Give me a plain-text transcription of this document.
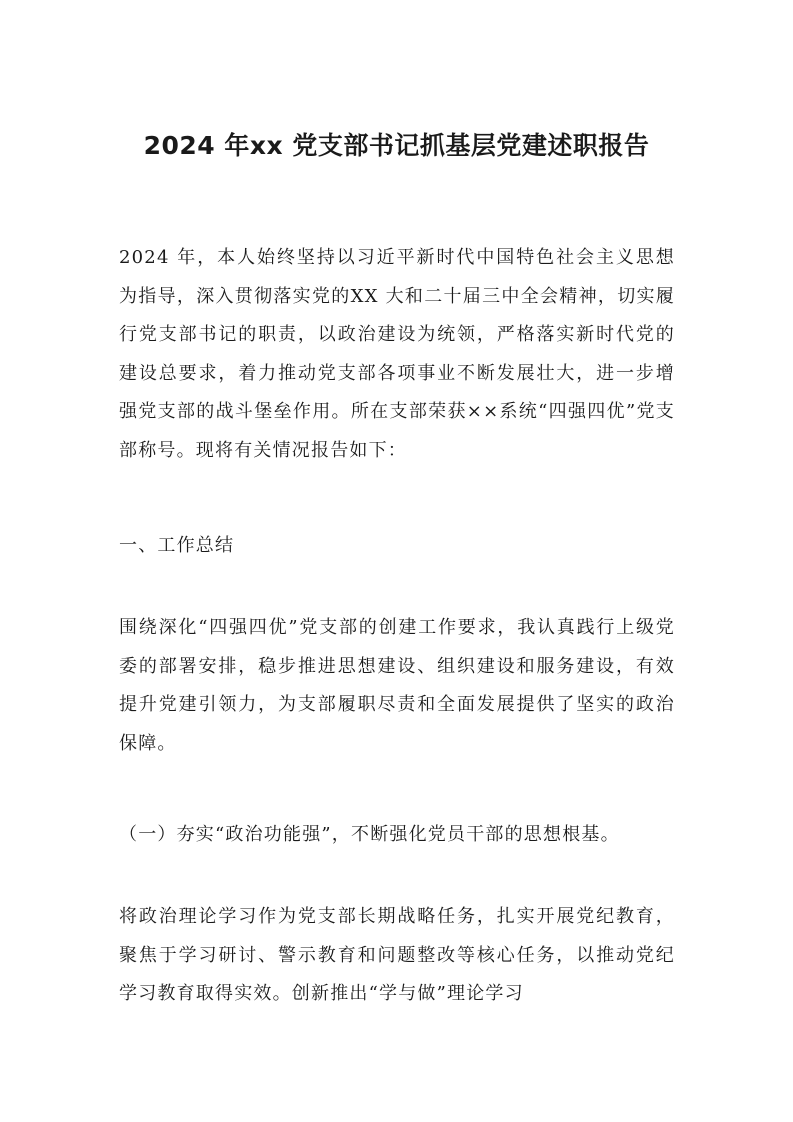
2024 年xx 党支部书记抓基层党建述职报告

2024 年，本人始终坚持以习近平新时代中国特色社会主义思想为指导，深入贯彻落实党的XX 大和二十届三中全会精神，切实履行党支部书记的职责，以政治建设为统领，严格落实新时代党的建设总要求，着力推动党支部各项事业不断发展壮大，进一步增强党支部的战斗堡垒作用。所在支部荣获××系统“四强四优”党支部称号。现将有关情况报告如下：

一、工作总结

围绕深化“四强四优”党支部的创建工作要求，我认真践行上级党委的部署安排，稳步推进思想建设、组织建设和服务建设，有效提升党建引领力，为支部履职尽责和全面发展提供了坚实的政治保障。

（一）夯实“政治功能强”，不断强化党员干部的思想根基。

将政治理论学习作为党支部长期战略任务，扎实开展党纪教育，聚焦于学习研讨、警示教育和问题整改等核心任务，以推动党纪学习教育取得实效。创新推出“学与做”理论学习
